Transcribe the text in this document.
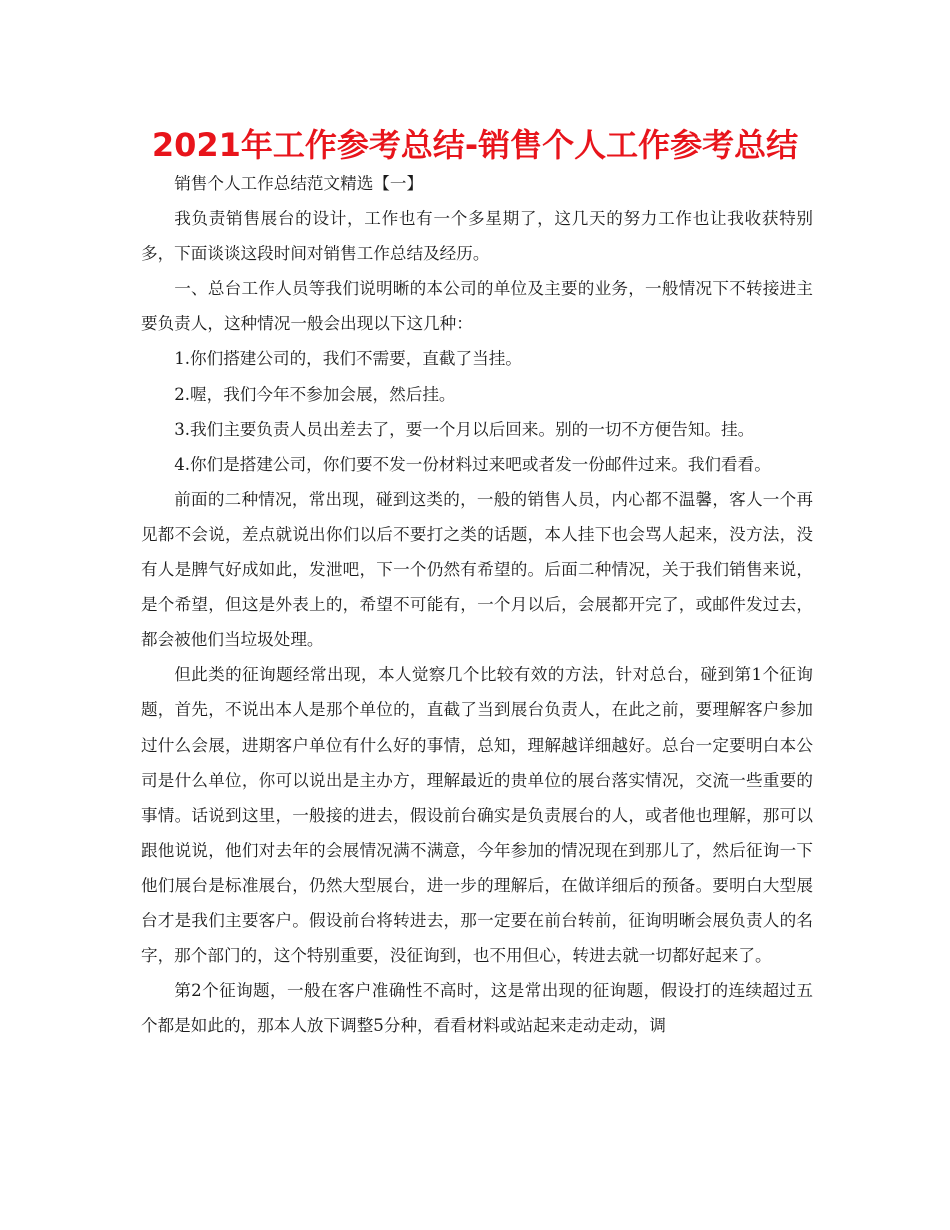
2021年工作参考总结-销售个人工作参考总结

销售个人工作总结范文精选【一】

我负责销售展台的设计，工作也有一个多星期了，这几天的努力工作也让我收获特别多，下面谈谈这段时间对销售工作总结及经历。

一、总台工作人员等我们说明晰的本公司的单位及主要的业务，一般情况下不转接进主要负责人，这种情况一般会出现以下这几种：

1.你们搭建公司的，我们不需要，直截了当挂。

2.喔，我们今年不参加会展，然后挂。

3.我们主要负责人员出差去了，要一个月以后回来。别的一切不方便告知。挂。

4.你们是搭建公司，你们要不发一份材料过来吧或者发一份邮件过来。我们看看。

前面的二种情况，常出现，碰到这类的，一般的销售人员，内心都不温馨，客人一个再见都不会说，差点就说出你们以后不要打之类的话题，本人挂下也会骂人起来，没方法，没有人是脾气好成如此，发泄吧，下一个仍然有希望的。后面二种情况，关于我们销售来说，是个希望，但这是外表上的，希望不可能有，一个月以后，会展都开完了，或邮件发过去，都会被他们当垃圾处理。

但此类的征询题经常出现，本人觉察几个比较有效的方法，针对总台，碰到第1个征询题，首先，不说出本人是那个单位的，直截了当到展台负责人，在此之前，要理解客户参加过什么会展，进期客户单位有什么好的事情，总知，理解越详细越好。总台一定要明白本公司是什么单位，你可以说出是主办方，理解最近的贵单位的展台落实情况，交流一些重要的事情。话说到这里，一般接的进去，假设前台确实是负责展台的人，或者他也理解，那可以跟他说说，他们对去年的会展情况满不满意，今年参加的情况现在到那儿了，然后征询一下他们展台是标准展台，仍然大型展台，进一步的理解后，在做详细后的预备。要明白大型展台才是我们主要客户。假设前台将转进去，那一定要在前台转前，征询明晰会展负责人的名字，那个部门的，这个特别重要，没征询到，也不用但心，转进去就一切都好起来了。

第2个征询题，一般在客户准确性不高时，这是常出现的征询题，假设打的连续超过五个都是如此的，那本人放下调整5分种，看看材料或站起来走动走动，调
